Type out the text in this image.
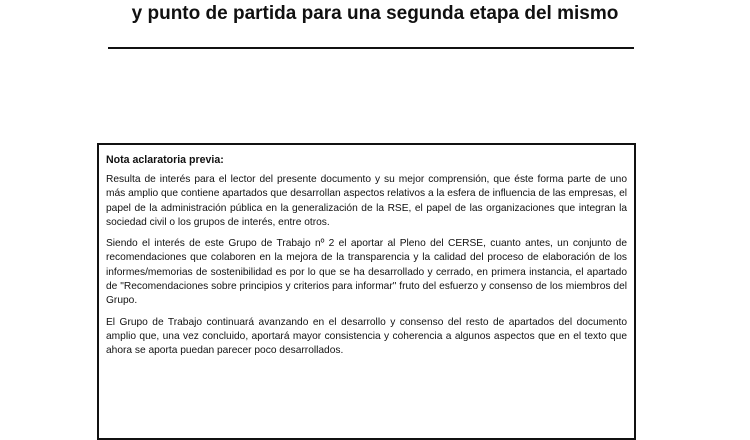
y punto de partida para una segunda etapa del mismo
Nota aclaratoria previa:

Resulta de interés para el lector del presente documento y su mejor comprensión, que éste forma parte de uno más amplio que contiene apartados que desarrollan aspectos relativos a la esfera de influencia de las empresas, el papel de la administración pública en la generalización de la RSE, el papel de las organizaciones que integran la sociedad civil o los grupos de interés, entre otros.

Siendo el interés de este Grupo de Trabajo nº 2 el aportar al Pleno del CERSE, cuanto antes, un conjunto de recomendaciones que colaboren en la mejora de la transparencia y la calidad del proceso de elaboración de los informes/memorias de sostenibilidad es por lo que se ha desarrollado y cerrado, en primera instancia, el apartado de "Recomendaciones sobre principios y criterios para informar" fruto del esfuerzo y consenso de los miembros del Grupo.

El Grupo de Trabajo continuará avanzando en el desarrollo y consenso del resto de apartados del documento amplio que, una vez concluido, aportará mayor consistencia y coherencia a algunos aspectos que en el texto que ahora se aporta puedan parecer poco desarrollados.
